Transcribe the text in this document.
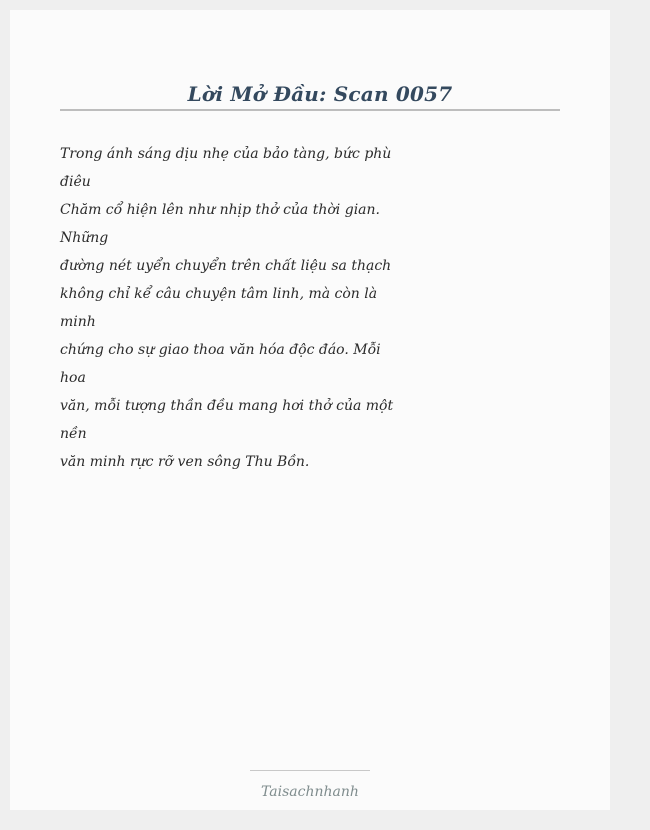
Lời Mở Đầu: Scan 0057

Trong ánh sáng dịu nhẹ của bảo tàng, bức phù
điêu
Chăm cổ hiện lên như nhịp thở của thời gian.
Những
đường nét uyển chuyển trên chất liệu sa thạch
không chỉ kể câu chuyện tâm linh, mà còn là
minh
chứng cho sự giao thoa văn hóa độc đáo. Mỗi
hoa
văn, mỗi tượng thần đều mang hơi thở của một
nền
văn minh rực rỡ ven sông Thu Bồn.

Taisachnhanh
